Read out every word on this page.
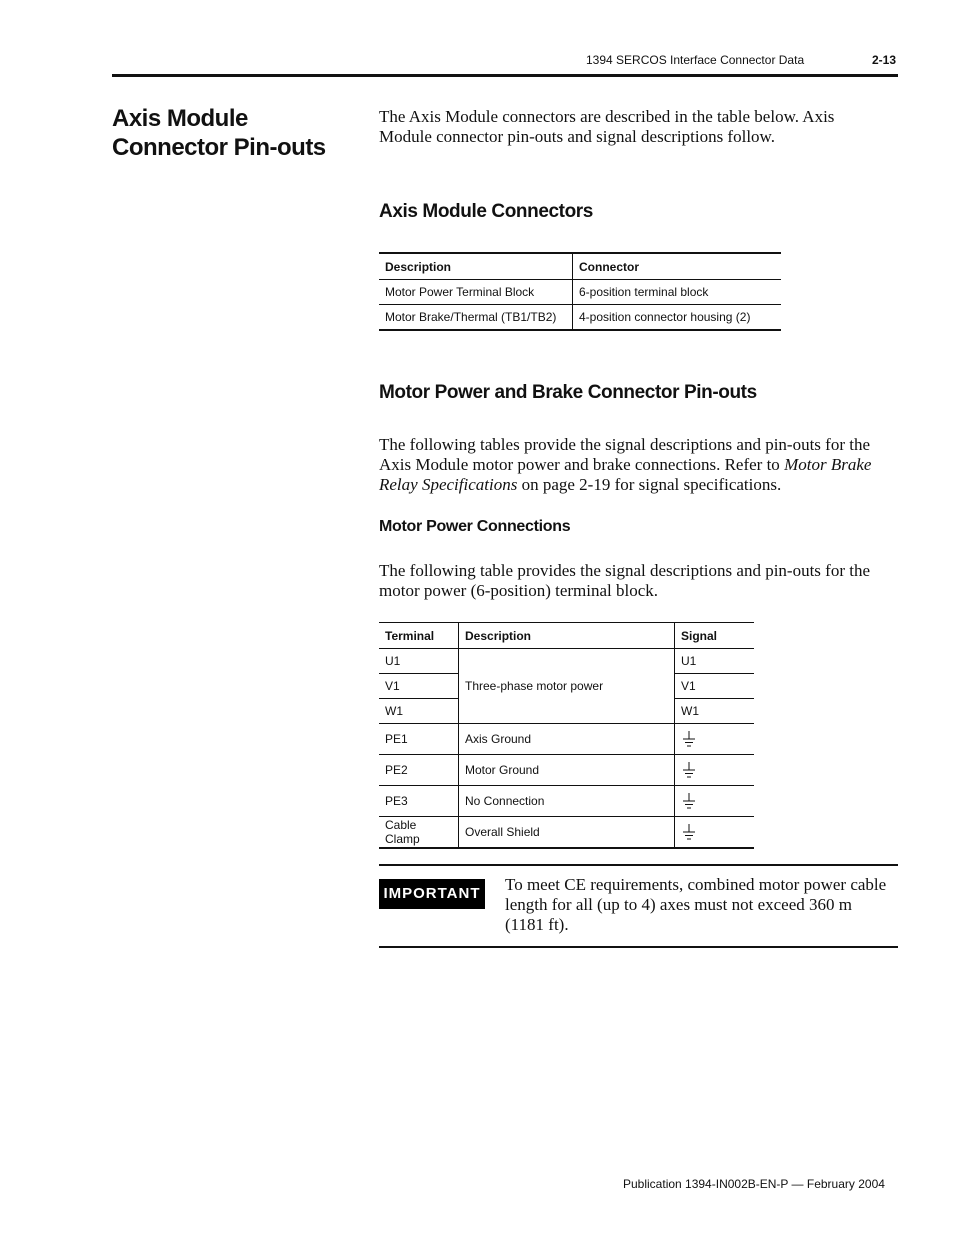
1394 SERCOS Interface Connector Data	2-13
Axis Module Connector Pin-outs
The Axis Module connectors are described in the table below. Axis Module connector pin-outs and signal descriptions follow.
Axis Module Connectors
Description	Connector
Motor Power Terminal Block	6-position terminal block
Motor Brake/Thermal (TB1/TB2)	4-position connector housing (2)
Motor Power and Brake Connector Pin-outs
The following tables provide the signal descriptions and pin-outs for the Axis Module motor power and brake connections. Refer to Motor Brake Relay Specifications on page 2-19 for signal specifications.
Motor Power Connections
The following table provides the signal descriptions and pin-outs for the motor power (6-position) terminal block.
Terminal	Description	Signal
U1	Three-phase motor power	U1
V1		V1
W1		W1
PE1	Axis Ground	
PE2	Motor Ground	
PE3	No Connection	
Cable Clamp	Overall Shield	
IMPORTANT To meet CE requirements, combined motor power cable length for all (up to 4) axes must not exceed 360 m (1181 ft).
Publication 1394-IN002B-EN-P — February 2004
